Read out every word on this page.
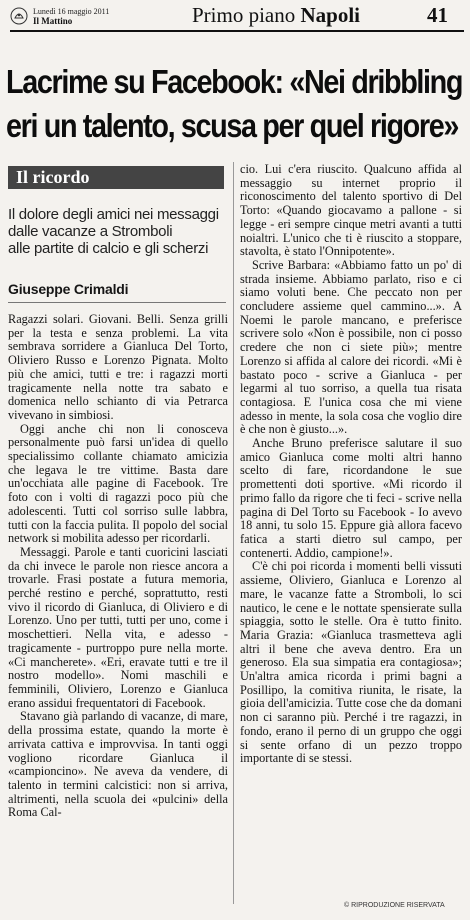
Lunedì 16 maggio 2011
Il Mattino	Primo piano Napoli	41
Lacrime su Facebook: «Nei dribbling
eri un talento, scusa per quel rigore»
Il ricordo
Il dolore degli amici nei messaggi
dalle vacanze a Stromboli
alle partite di calcio e gli scherzi
Giuseppe Crimaldi

Ragazzi solari. Giovani. Belli. Senza grilli per la testa e senza problemi. La vita sembrava sorridere a Gianluca Del Torto, Oliviero Russo e Lorenzo Pignata. Molto più che amici, tutti e tre: i ragazzi morti tragicamente nella notte tra sabato e domenica nello schianto di via Petrarca vivevano in simbiosi.

Oggi anche chi non li conosceva personalmente può farsi un'idea di quello specialissimo collante chiamato amicizia che legava le tre vittime. Basta dare un'occhiata alle pagine di Facebook. Tre foto con i volti di ragazzi poco più che adolescenti. Tutti col sorriso sulle labbra, tutti con la faccia pulita. Il popolo del social network si mobilita adesso per ricordarli.

Messaggi. Parole e tanti cuoricini lasciati da chi invece le parole non riesce ancora a trovarle. Frasi postate a futura memoria, perché restino e perché, soprattutto, resti vivo il ricordo di Gianluca, di Oliviero e di Lorenzo. Uno per tutti, tutti per uno, come i moschettieri. Nella vita, e adesso - tragicamente - purtroppo pure nella morte. «Ci mancherete». «Eri, eravate tutti e tre il nostro modello». Nomi maschili e femminili, Oliviero, Lorenzo e Gianluca erano assidui frequentatori di Facebook.

Stavano già parlando di vacanze, di mare, della prossima estate, quando la morte è arrivata cattiva e improvvisa. In tanti oggi vogliono ricordare Gianluca il «campioncino». Ne aveva da vendere, di talento in termini calcistici: non si arriva, altrimenti, nella scuola dei «pulcini» della Roma Cal-

cio. Lui c'era riuscito. Qualcuno affida al messaggio su internet proprio il riconoscimento del talento sportivo di Del Torto: «Quando giocavamo a pallone - si legge - eri sempre cinque metri avanti a tutti noialtri. L'unico che ti è riuscito a stoppare, stavolta, è stato l'Onnipotente».

Scrive Barbara: «Abbiamo fatto un po' di strada insieme. Abbiamo parlato, riso e ci siamo voluti bene. Che peccato non per concludere assieme quel cammino...». A Noemi le parole mancano, e preferisce scrivere solo «Non è possibile, non ci posso credere che non ci siete più»; mentre Lorenzo si affida al calore dei ricordi. «Mi è bastato poco - scrive a Gianluca - per legarmi al tuo sorriso, a quella tua risata contagiosa. E l'unica cosa che mi viene adesso in mente, la sola cosa che voglio dire è che non è giusto...».

Anche Bruno preferisce salutare il suo amico Gianluca come molti altri hanno scelto di fare, ricordandone le sue promettenti doti sportive. «Mi ricordo il primo fallo da rigore che ti feci - scrive nella pagina di Del Torto su Facebook - Io avevo 18 anni, tu solo 15. Eppure già allora facevo fatica a starti dietro sul campo, per contenerti. Addio, campione!».

C'è chi poi ricorda i momenti belli vissuti assieme, Oliviero, Gianluca e Lorenzo al mare, le vacanze fatte a Stromboli, lo sci nautico, le cene e le nottate spensierate sulla spiaggia, sotto le stelle. Ora è tutto finito. Maria Grazia: «Gianluca trasmetteva agli altri il bene che aveva dentro. Era un generoso. Ela sua simpatia era contagiosa»; Un'altra amica ricorda i primi bagni a Posillipo, la comitiva riunita, le risate, la gioia dell'amicizia. Tutte cose che da domani non ci saranno più. Perché i tre ragazzi, in fondo, erano il perno di un gruppo che oggi si sente orfano di un pezzo troppo importante di se stessi.

© RIPRODUZIONE RISERVATA
